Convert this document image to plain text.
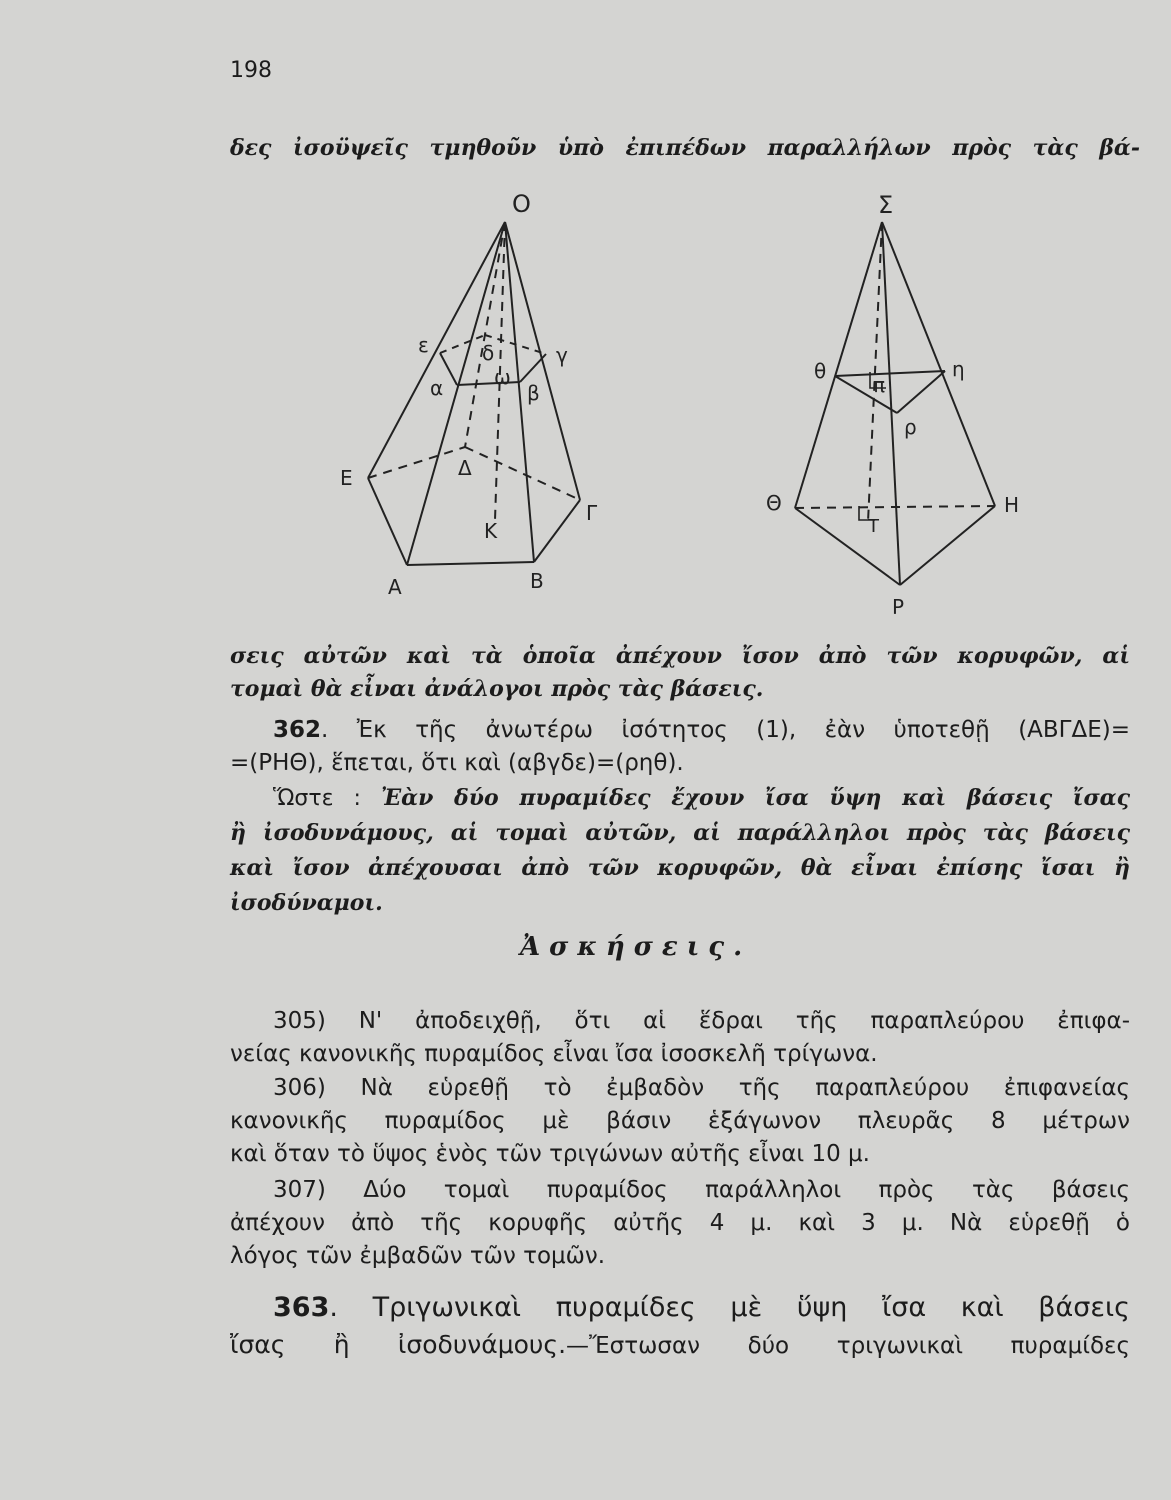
198
δες ἰσοϋψεῖς τμηθοῦν ὑπὸ ἐπιπέδων παραλλήλων πρὸς τὰς βά-
O
ε	δ	γ
α	ω
β
Ε	Δ
Γ
Κ
Α	Β
Σ
θ
π
η
ρ
Θ	Η
Τ
Ρ
σεις αὐτῶν καὶ τὰ ὁποῖα ἀπέχουν ἴσον ἀπὸ τῶν κορυφῶν, αἱ
τομαὶ θὰ εἶναι ἀνάλογοι πρὸς τὰς βάσεις.
362. Ἐκ τῆς ἀνωτέρω ἰσότητος (1), ἐὰν ὑποτεθῇ (ΑΒΓΔΕ)=
=(ΡΗΘ), ἕπεται, ὅτι καὶ (αβγδε)=(ρηθ).
Ὥστε : Ἐὰν δύο πυραμίδες ἔχουν ἴσα ὕψη καὶ βάσεις ἴσας
ἢ ἰσοδυνάμους, αἱ τομαὶ αὐτῶν, αἱ παράλληλοι πρὸς τὰς βάσεις
καὶ ἴσον ἀπέχουσαι ἀπὸ τῶν κορυφῶν, θὰ εἶναι ἐπίσης ἴσαι ἢ
ἰσοδύναμοι.
Ἀσκήσεις.
305) Ν' ἀποδειχθῇ, ὅτι αἱ ἕδραι τῆς παραπλεύρου ἐπιφα-
νείας κανονικῆς πυραμίδος εἶναι ἴσα ἰσοσκελῆ τρίγωνα.
306) Νὰ εὑρεθῇ τὸ ἐμβαδὸν τῆς παραπλεύρου ἐπιφανείας
κανονικῆς πυραμίδος μὲ βάσιν ἑξάγωνον πλευρᾶς 8 μέτρων
καὶ ὅταν τὸ ὕψος ἑνὸς τῶν τριγώνων αὐτῆς εἶναι 10 μ.
307) Δύο τομαὶ πυραμίδος παράλληλοι πρὸς τὰς βάσεις
ἀπέχουν ἀπὸ τῆς κορυφῆς αὐτῆς 4 μ. καὶ 3 μ. Νὰ εὑρεθῇ ὁ
λόγος τῶν ἐμβαδῶν τῶν τομῶν.
363. Τριγωνικαὶ πυραμίδες μὲ ὕψη ἴσα καὶ βάσεις
ἴσας ἢ ἰσοδυνάμους.—Ἔστωσαν δύο τριγωνικαὶ πυραμίδες
